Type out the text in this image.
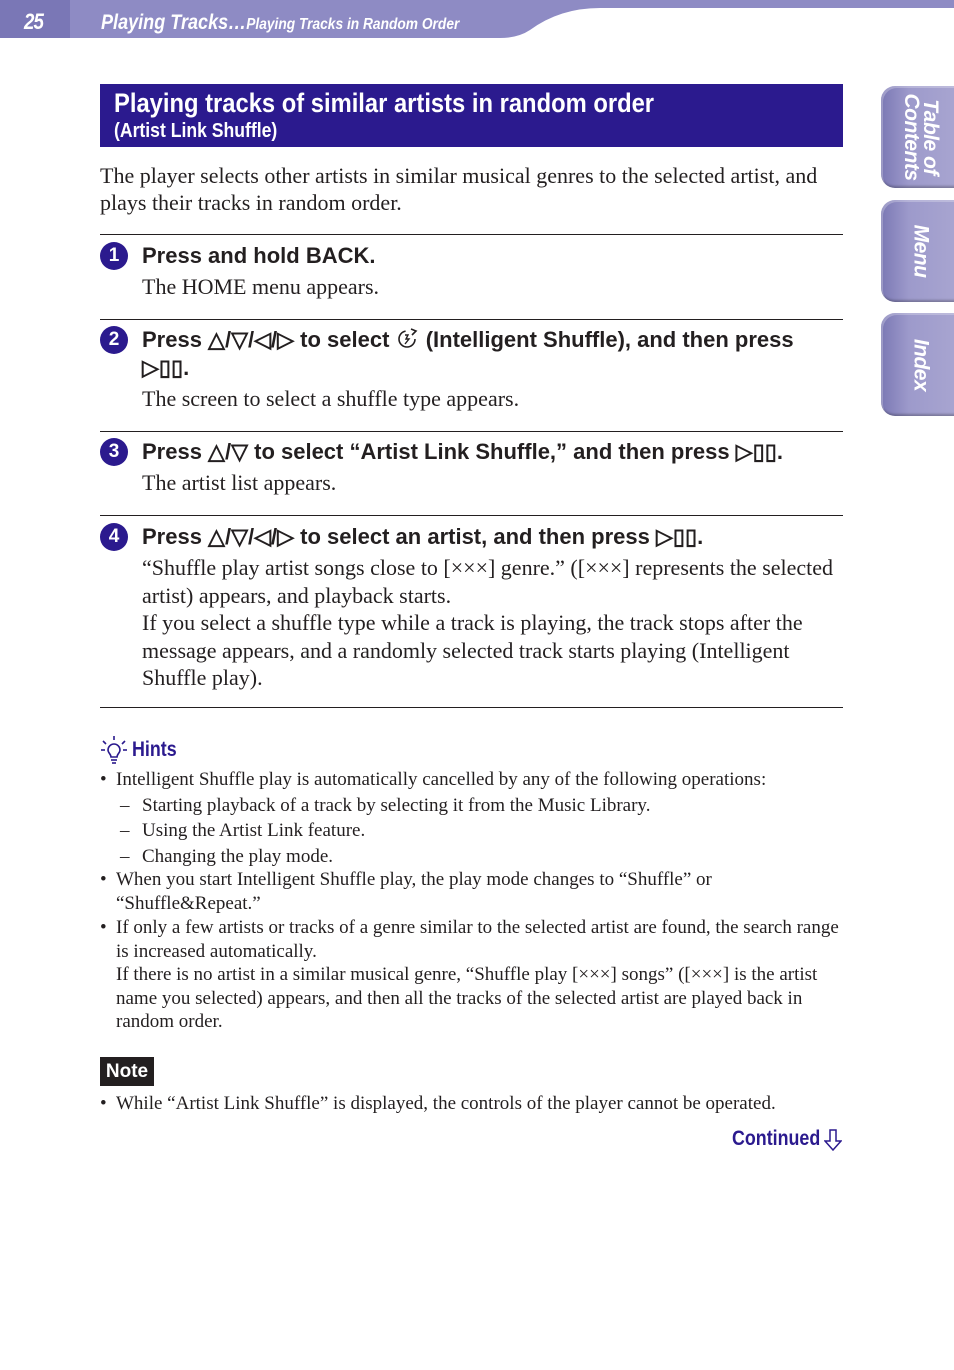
25	Playing Tracks…Playing Tracks in Random Order
Table of
Contents
Menu
Index
Playing tracks of similar artists in random order
(Artist Link Shuffle)
The player selects other artists in similar musical genres to the selected artist, and plays their tracks in random order.
1	Press and hold BACK.
The HOME menu appears.
2	Press △/▽/◁/▷ to select (Intelligent Shuffle), and then press
▷▯▯.
The screen to select a shuffle type appears.
3	Press △/▽ to select “Artist Link Shuffle,” and then press ▷▯▯.
The artist list appears.
4	Press △/▽/◁/▷ to select an artist, and then press ▷▯▯.
“Shuffle play artist songs close to [×××] genre.” ([×××] represents the selected artist) appears, and playback starts.
If you select a shuffle type while a track is playing, the track stops after the message appears, and a randomly selected track starts playing (Intelligent Shuffle play).
Hints
• Intelligent Shuffle play is automatically cancelled by any of the following operations:
– Starting playback of a track by selecting it from the Music Library.
– Using the Artist Link feature.
– Changing the play mode.
• When you start Intelligent Shuffle play, the play mode changes to “Shuffle” or “Shuffle&Repeat.”
• If only a few artists or tracks of a genre similar to the selected artist are found, the search range is increased automatically.
If there is no artist in a similar musical genre, “Shuffle play [×××] songs” ([×××] is the artist name you selected) appears, and then all the tracks of the selected artist are played back in random order.
Note
• While “Artist Link Shuffle” is displayed, the controls of the player cannot be operated.
Continued
